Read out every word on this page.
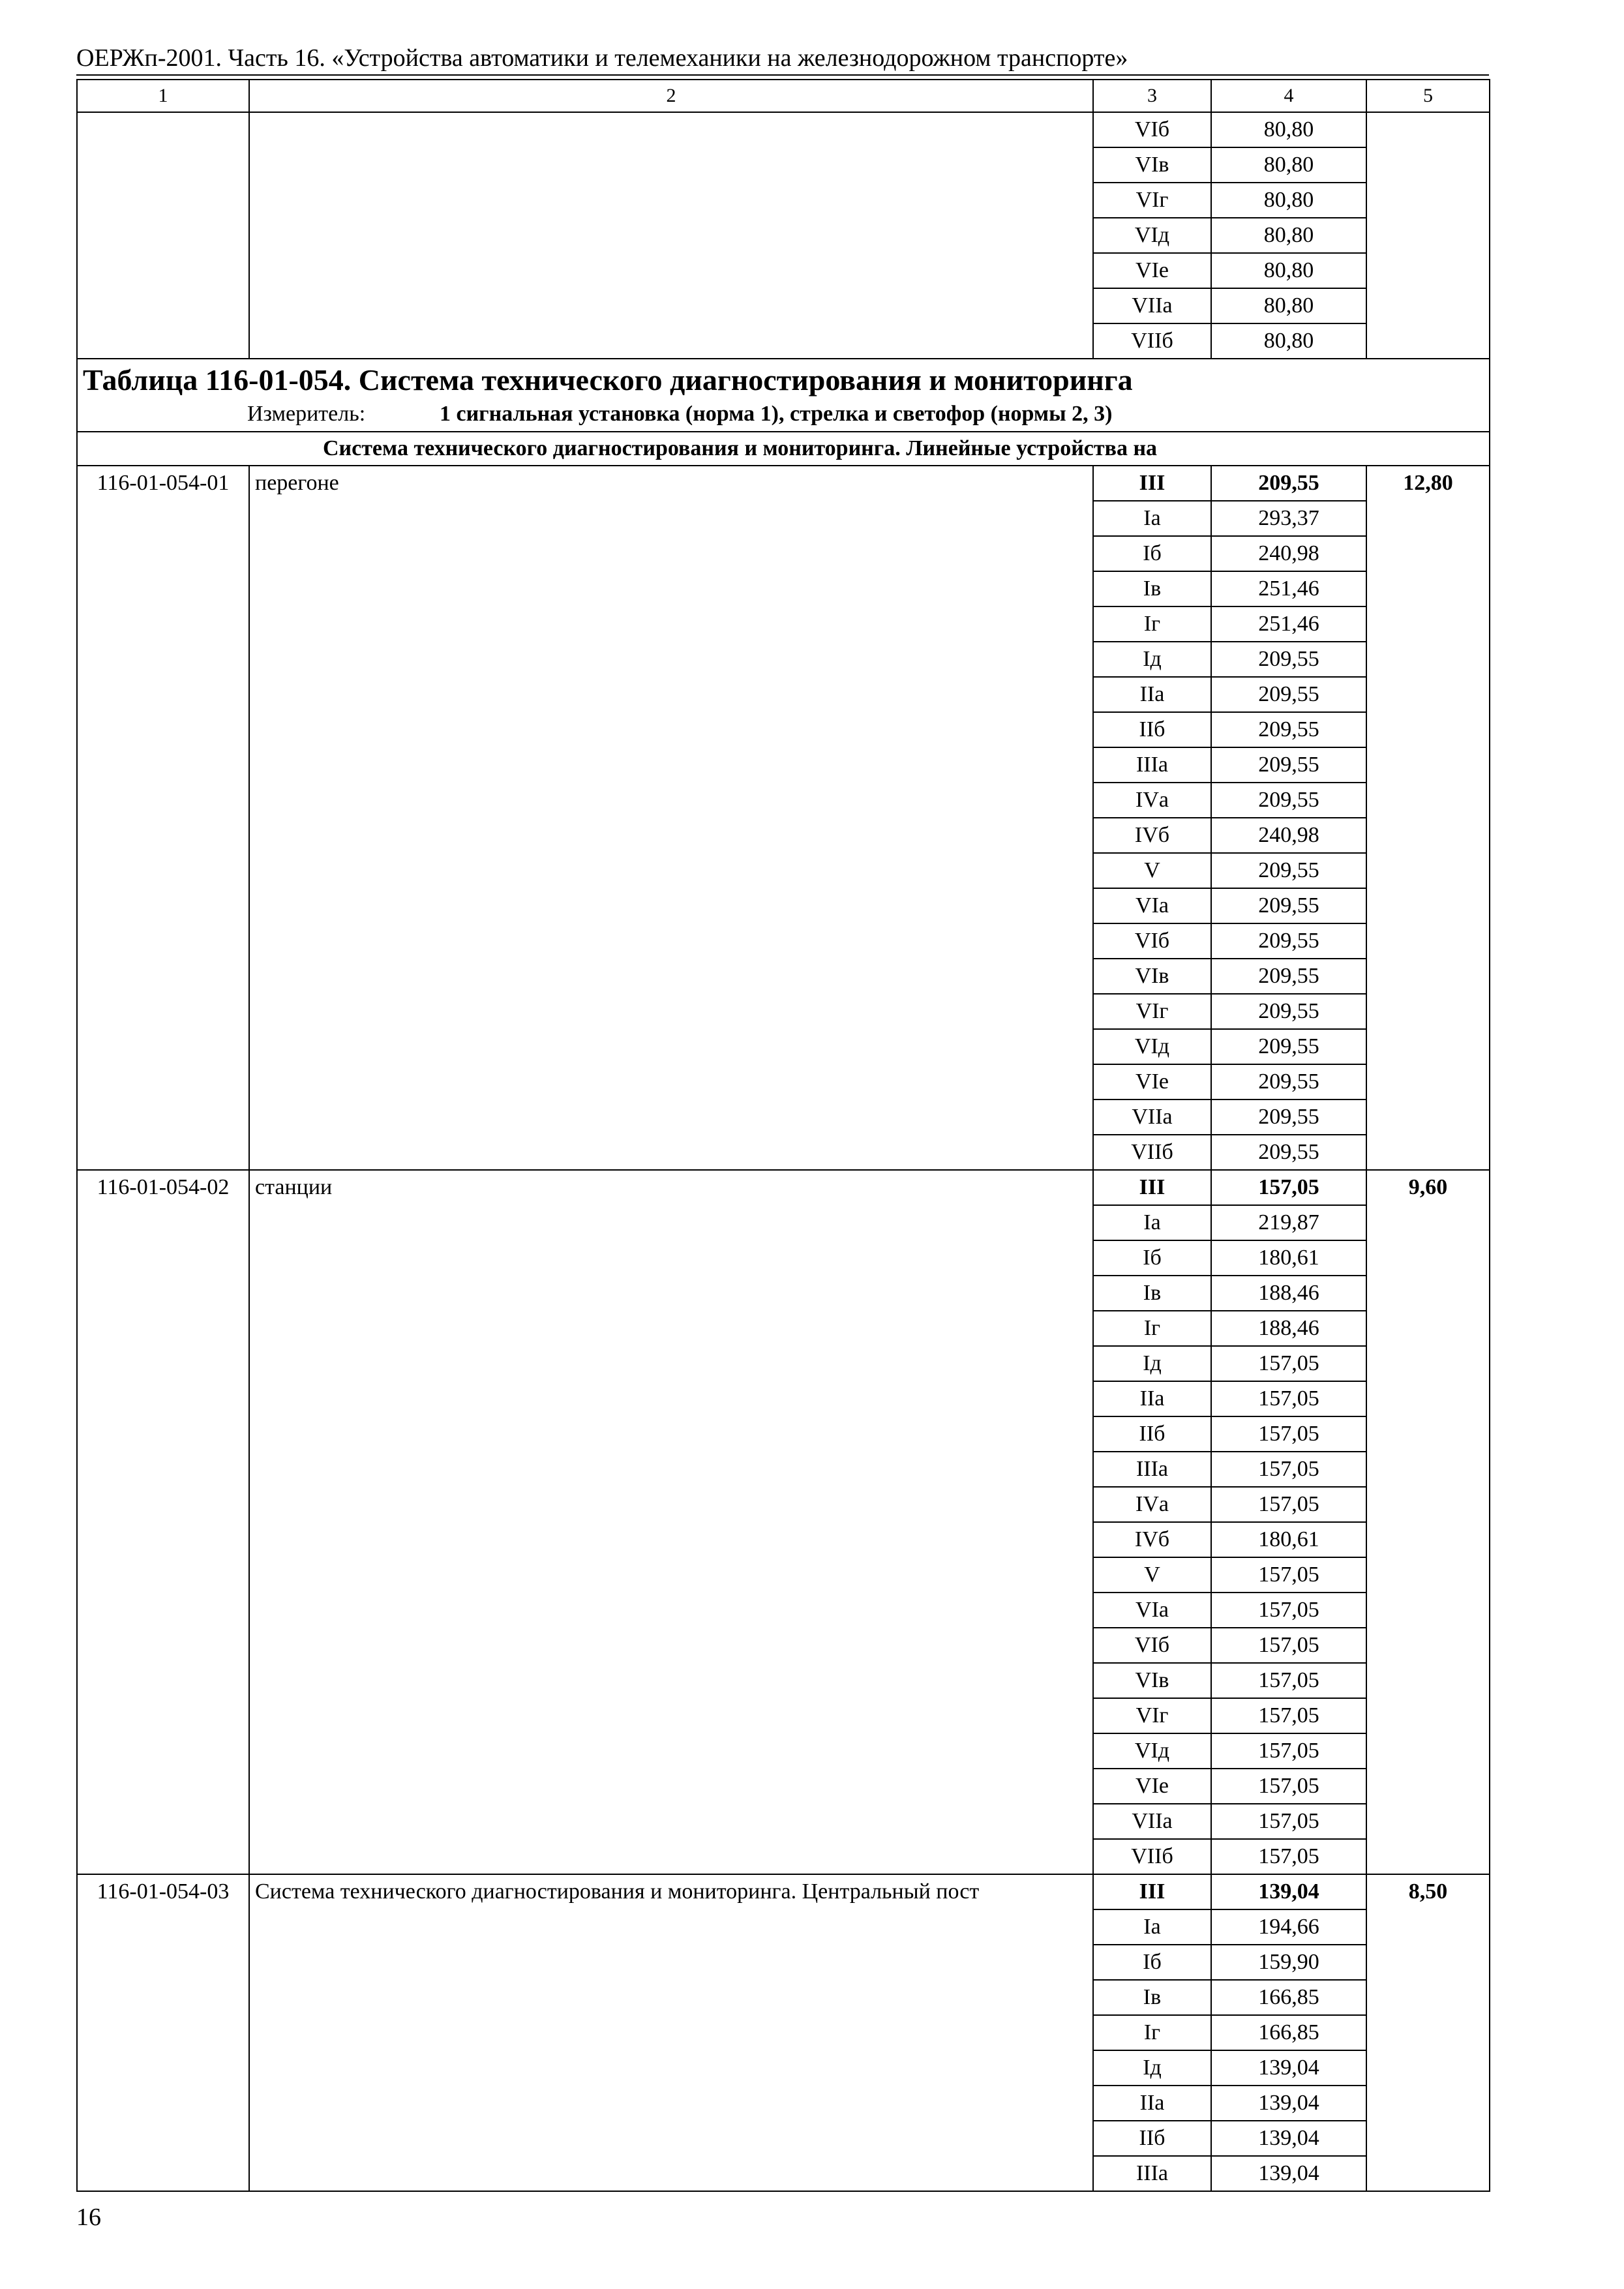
ОЕРЖп-2001. Часть 16. «Устройства автоматики и телемеханики на железнодорожном транспорте»
1	2	3	4	5
		VIб	80,80	
		VIв	80,80	
		VIг	80,80	
		VIд	80,80	
		VIе	80,80	
		VIIа	80,80	
		VIIб	80,80	

Таблица 116-01-054. Система технического диагностирования и мониторинга
Измеритель: 1 сигнальная установка (норма 1), стрелка и светофор (нормы 2, 3)				

Система технического диагностирования и мониторинга. Линейные устройства на				
116-01-054-01	перегоне	III	209,55	12,80
		Iа	293,37	
		Iб	240,98	
		Iв	251,46	
		Iг	251,46	
		Iд	209,55	
		IIа	209,55	
		IIб	209,55	
		IIIа	209,55	
		IVа	209,55	
		IVб	240,98	
		V	209,55	
		VIа	209,55	
		VIб	209,55	
		VIв	209,55	
		VIг	209,55	
		VIд	209,55	
		VIе	209,55	
		VIIа	209,55	
		VIIб	209,55	
116-01-054-02	станции	III	157,05	9,60
		Iа	219,87	
		Iб	180,61	
		Iв	188,46	
		Iг	188,46	
		Iд	157,05	
		IIа	157,05	
		IIб	157,05	
		IIIа	157,05	
		IVа	157,05	
		IVб	180,61	
		V	157,05	
		VIа	157,05	
		VIб	157,05	
		VIв	157,05	
		VIг	157,05	
		VIд	157,05	
		VIе	157,05	
		VIIа	157,05	
		VIIб	157,05	
116-01-054-03	Система технического диагностирования и мониторинга. Центральный пост	III	139,04	8,50
		Iа	194,66	
		Iб	159,90	
		Iв	166,85	
		Iг	166,85	
		Iд	139,04	
		IIа	139,04	
		IIб	139,04	
		IIIа	139,04	
16
